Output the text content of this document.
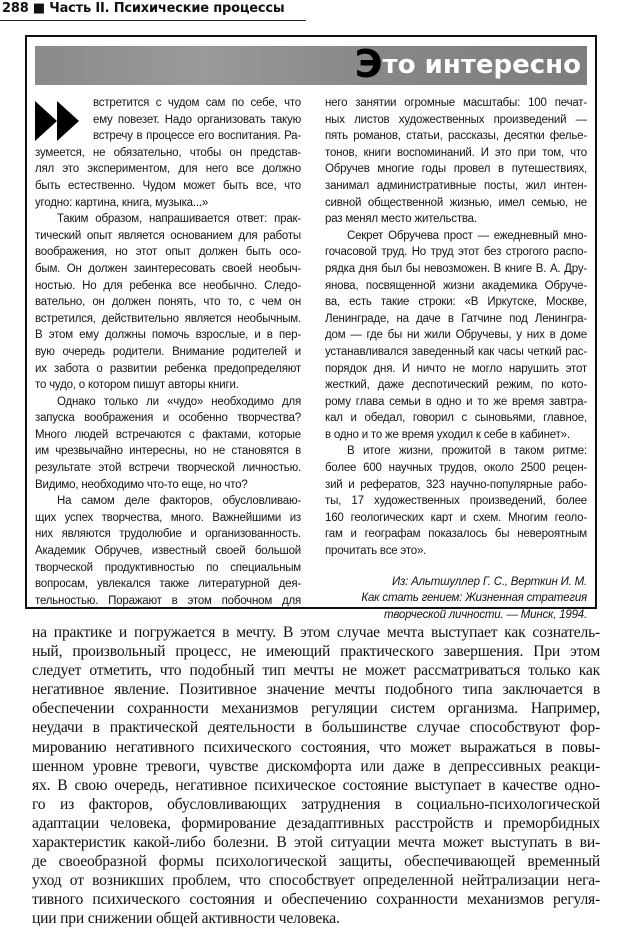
288 ■ Часть II. Психические процессы
Это интересно
встретится с чудом сам по себе, что
ему повезет. Надо организовать такую
встречу в процессе его воспитания. Ра-
зумеется, не обязательно, чтобы он представ-
лял это экспериментом, для него все должно
быть естественно. Чудом может быть все, что
угодно: картина, книга, музыка...»
Таким образом, напрашивается ответ: прак-
тический опыт является основанием для работы
воображения, но этот опыт должен быть осо-
бым. Он должен заинтересовать своей необыч-
ностью. Но для ребенка все необычно. Следо-
вательно, он должен понять, что то, с чем он
встретился, действительно является необычным.
В этом ему должны помочь взрослые, и в пер-
вую очередь родители. Внимание родителей и
их забота о развитии ребенка предопределяют
то чудо, о котором пишут авторы книги.
Однако только ли «чудо» необходимо для
запуска воображения и особенно творчества?
Много людей встречаются с фактами, которые
им чрезвычайно интересны, но не становятся в
результате этой встречи творческой личностью.
Видимо, необходимо что-то еще, но что?
На самом деле факторов, обусловливаю-
щих успех творчества, много. Важнейшими из
них являются трудолюбие и организованность.
Академик Обручев, известный своей большой
творческой продуктивностью по специальным
вопросам, увлекался также литературной дея-
тельностью. Поражают в этом побочном для
него занятии огромные масштабы: 100 печат-
ных листов художественных произведений —
пять романов, статьи, рассказы, десятки фелье-
тонов, книги воспоминаний. И это при том, что
Обручев многие годы провел в путешествиях,
занимал административные посты, жил интен-
сивной общественной жизнью, имел семью, не
раз менял место жительства.
Секрет Обручева прост — ежедневный мно-
гочасовой труд. Но труд этот без строгого распо-
рядка дня был бы невозможен. В книге В. А. Дру-
янова, посвященной жизни академика Обруче-
ва, есть такие строки: «В Иркутске, Москве,
Ленинграде, на даче в Гатчине под Ленингра-
дом — где бы ни жили Обручевы, у них в доме
устанавливался заведенный как часы четкий рас-
порядок дня. И ничто не могло нарушить этот
жесткий, даже деспотический режим, по кото-
рому глава семьи в одно и то же время завтра-
кал и обедал, говорил с сыновьями, главное,
в одно и то же время уходил к себе в кабинет».
В итоге жизни, прожитой в таком ритме:
более 600 научных трудов, около 2500 рецен-
зий и рефератов, 323 научно-популярные рабо-
ты, 17 художественных произведений, более
160 геологических карт и схем. Многим геоло-
гам и географам показалось бы невероятным
прочитать все это».
Из: Альтшуллер Г. С., Верткин И. М.
Как стать гением: Жизненная стратегия
творческой личности. — Минск, 1994.
на практике и погружается в мечту. В этом случае мечта выступает как сознатель-
ный, произвольный процесс, не имеющий практического завершения. При этом
следует отметить, что подобный тип мечты не может рассматриваться только как
негативное явление. Позитивное значение мечты подобного типа заключается в
обеспечении сохранности механизмов регуляции систем организма. Например,
неудачи в практической деятельности в большинстве случае способствуют фор-
мированию негативного психического состояния, что может выражаться в повы-
шенном уровне тревоги, чувстве дискомфорта или даже в депрессивных реакци-
ях. В свою очередь, негативное психическое состояние выступает в качестве одно-
го из факторов, обусловливающих затруднения в социально-психологической
адаптации человека, формирование дезадаптивных расстройств и преморбидных
характеристик какой-либо болезни. В этой ситуации мечта может выступать в ви-
де своеобразной формы психологической защиты, обеспечивающей временный
уход от возникших проблем, что способствует определенной нейтрализации нега-
тивного психического состояния и обеспечению сохранности механизмов регуля-
ции при снижении общей активности человека.
